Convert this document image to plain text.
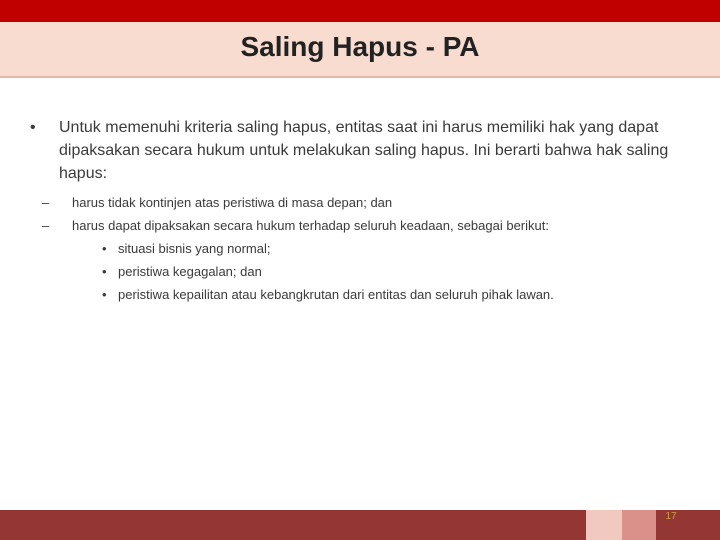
Saling Hapus - PA

• Untuk memenuhi kriteria saling hapus, entitas saat ini harus memiliki hak yang dapat dipaksakan secara hukum untuk melakukan saling hapus. Ini berarti bahwa hak saling hapus:

– harus tidak kontinjen atas peristiwa di masa depan; dan
– harus dapat dipaksakan secara hukum terhadap seluruh keadaan, sebagai berikut:
• situasi bisnis yang normal;
• peristiwa kegagalan; dan
• peristiwa kepailitan atau kebangkrutan dari entitas dan seluruh pihak lawan.
17
